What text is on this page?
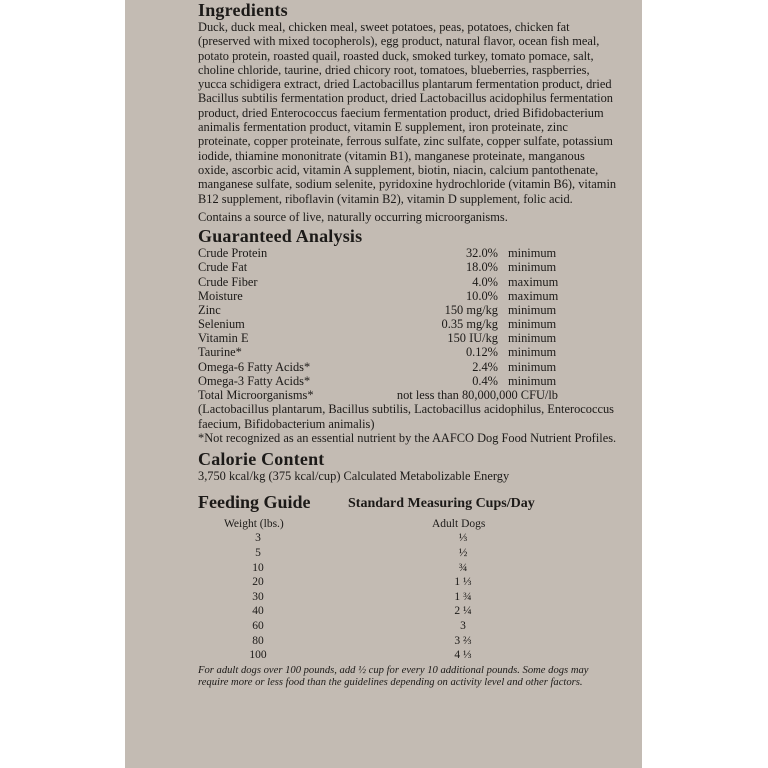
Ingredients

Duck, duck meal, chicken meal, sweet potatoes, peas, potatoes, chicken fat (preserved with mixed tocopherols), egg product, natural flavor, ocean fish meal, potato protein, roasted quail, roasted duck, smoked turkey, tomato pomace, salt, choline chloride, taurine, dried chicory root, tomatoes, blueberries, raspberries, yucca schidigera extract, dried Lactobacillus plantarum fermentation product, dried Bacillus subtilis fermentation product, dried Lactobacillus acidophilus fermentation product, dried Enterococcus faecium fermentation product, dried Bifidobacterium animalis fermentation product, vitamin E supplement, iron proteinate, zinc proteinate, copper proteinate, ferrous sulfate, zinc sulfate, copper sulfate, potassium iodide, thiamine mononitrate (vitamin B1), manganese proteinate, manganous oxide, ascorbic acid, vitamin A supplement, biotin, niacin, calcium pantothenate, manganese sulfate, sodium selenite, pyridoxine hydrochloride (vitamin B6), vitamin B12 supplement, riboflavin (vitamin B2), vitamin D supplement, folic acid.

Contains a source of live, naturally occurring microorganisms.

Guaranteed Analysis
Crude Protein	32.0% minimum
Crude Fat	18.0% minimum
Crude Fiber	4.0% maximum
Moisture	10.0% maximum
Zinc	150 mg/kg minimum
Selenium	0.35 mg/kg minimum
Vitamin E	150 IU/kg minimum
Taurine*	0.12% minimum
Omega-6 Fatty Acids*	2.4% minimum
Omega-3 Fatty Acids*	0.4% minimum
Total Microorganisms*	not less than 80,000,000 CFU/lb
(Lactobacillus plantarum, Bacillus subtilis, Lactobacillus acidophilus, Enterococcus faecium, Bifidobacterium animalis)
*Not recognized as an essential nutrient by the AAFCO Dog Food Nutrient Profiles.
Calorie Content
3,750 kcal/kg (375 kcal/cup) Calculated Metabolizable Energy
Feeding Guide	Standard Measuring Cups/Day
Weight (lbs.)	Adult Dogs
3	⅓
5	½
10	¾
20	1 ⅓
30	1 ¾
40	2 ¼
60	3
80	3 ⅔
100	4 ⅓
For adult dogs over 100 pounds, add ½ cup for every 10 additional pounds. Some dogs may require more or less food than the guidelines depending on activity level and other factors.
